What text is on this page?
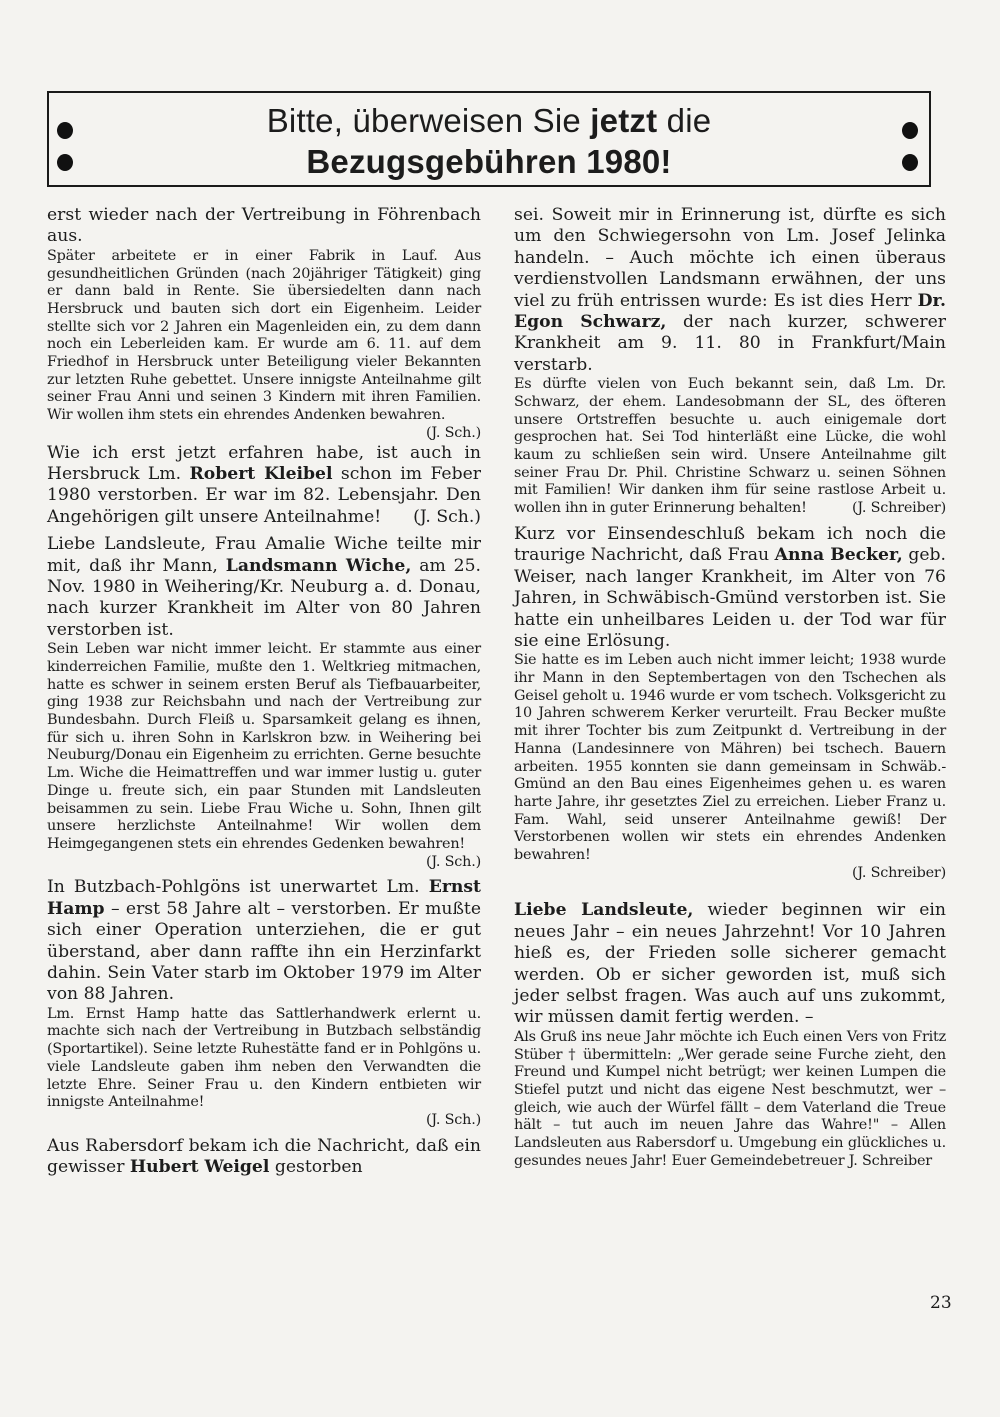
Bitte, überweisen Sie jetzt die
Bezugsgebühren 1980!

erst wieder nach der Vertreibung in Föhrenbach aus.

Später arbeitete er in einer Fabrik in Lauf. Aus gesundheitlichen Gründen (nach 20jähriger Tätigkeit) ging er dann bald in Rente. Sie übersiedelten dann nach Hersbruck und bauten sich dort ein Eigenheim. Leider stellte sich vor 2 Jahren ein Magenleiden ein, zu dem dann noch ein Leberleiden kam. Er wurde am 6. 11. auf dem Friedhof in Hersbruck unter Beteiligung vieler Bekannten zur letzten Ruhe gebettet. Unsere innigste Anteilnahme gilt seiner Frau Anni und seinen 3 Kindern mit ihren Familien. Wir wollen ihm stets ein ehrendes Andenken bewahren.
(J. Sch.)

Wie ich erst jetzt erfahren habe, ist auch in Hersbruck Lm. Robert Kleibel schon im Feber 1980 verstorben. Er war im 82. Lebensjahr. Den Angehörigen gilt unsere Anteilnahme! (J. Sch.)

Liebe Landsleute, Frau Amalie Wiche teilte mir mit, daß ihr Mann, Landsmann Wiche, am 25. Nov. 1980 in Weihering/Kr. Neuburg a. d. Donau, nach kurzer Krankheit im Alter von 80 Jahren verstorben ist.

Sein Leben war nicht immer leicht. Er stammte aus einer kinderreichen Familie, mußte den 1. Weltkrieg mitmachen, hatte es schwer in seinem ersten Beruf als Tiefbauarbeiter, ging 1938 zur Reichsbahn und nach der Vertreibung zur Bundesbahn. Durch Fleiß u. Sparsamkeit gelang es ihnen, für sich u. ihren Sohn in Karlskron bzw. in Weihering bei Neuburg/Donau ein Eigenheim zu errichten. Gerne besuchte Lm. Wiche die Heimattreffen und war immer lustig u. guter Dinge u. freute sich, ein paar Stunden mit Landsleuten beisammen zu sein. Liebe Frau Wiche u. Sohn, Ihnen gilt unsere herzlichste Anteilnahme! Wir wollen dem Heimgegangenen stets ein ehrendes Gedenken bewahren!

(J. Sch.)

In Butzbach-Pohlgöns ist unerwartet Lm. Ernst Hamp – erst 58 Jahre alt – verstorben. Er mußte sich einer Operation unterziehen, die er gut überstand, aber dann raffte ihn ein Herzinfarkt dahin. Sein Vater starb im Oktober 1979 im Alter von 88 Jahren.

Lm. Ernst Hamp hatte das Sattlerhandwerk erlernt u. machte sich nach der Vertreibung in Butzbach selbständig (Sportartikel). Seine letzte Ruhestätte fand er in Pohlgöns u. viele Landsleute gaben ihm neben den Verwandten die letzte Ehre. Seiner Frau u. den Kindern entbieten wir innigste Anteilnahme!

(J. Sch.)

Aus Rabersdorf bekam ich die Nachricht, daß ein gewisser Hubert Weigel gestorben

sei. Soweit mir in Erinnerung ist, dürfte es sich um den Schwiegersohn von Lm. Josef Jelinka handeln. – Auch möchte ich einen überaus verdienstvollen Landsmann erwähnen, der uns viel zu früh entrissen wurde: Es ist dies Herr Dr. Egon Schwarz, der nach kurzer, schwerer Krankheit am 9. 11. 80 in Frankfurt/Main verstarb.

Es dürfte vielen von Euch bekannt sein, daß Lm. Dr. Schwarz, der ehem. Landesobmann der SL, des öfteren unsere Ortstreffen besuchte u. auch einigemale dort gesprochen hat. Sei Tod hinterläßt eine Lücke, die wohl kaum zu schließen sein wird. Unsere Anteilnahme gilt seiner Frau Dr. Phil. Christine Schwarz u. seinen Söhnen mit Familien! Wir danken ihm für seine rastlose Arbeit u. wollen ihn in guter Erinnerung behalten!	(J. Schreiber)

Kurz vor Einsendeschluß bekam ich noch die traurige Nachricht, daß Frau Anna Becker, geb. Weiser, nach langer Krankheit, im Alter von 76 Jahren, in Schwäbisch-Gmünd verstorben ist. Sie hatte ein unheilbares Leiden u. der Tod war für sie eine Erlösung.

Sie hatte es im Leben auch nicht immer leicht; 1938 wurde ihr Mann in den Septembertagen von den Tschechen als Geisel geholt u. 1946 wurde er vom tschech. Volksgericht zu 10 Jahren schwerem Kerker verurteilt. Frau Becker mußte mit ihrer Tochter bis zum Zeitpunkt d. Vertreibung in der Hanna (Landesinnere von Mähren) bei tschech. Bauern arbeiten. 1955 konnten sie dann gemeinsam in Schwäb.-Gmünd an den Bau eines Eigenheimes gehen u. es waren harte Jahre, ihr gesetztes Ziel zu erreichen. Lieber Franz u. Fam. Wahl, seid unserer Anteilnahme gewiß! Der Verstorbenen wollen wir stets ein ehrendes Andenken bewahren!

(J. Schreiber)

Liebe Landsleute, wieder beginnen wir ein neues Jahr – ein neues Jahrzehnt! Vor 10 Jahren hieß es, der Frieden solle sicherer gemacht werden. Ob er sicher geworden ist, muß sich jeder selbst fragen. Was auch auf uns zukommt, wir müssen damit fertig werden. –

Als Gruß ins neue Jahr möchte ich Euch einen Vers von Fritz Stüber † übermitteln: „Wer gerade seine Furche zieht, den Freund und Kumpel nicht betrügt; wer keinen Lumpen die Stiefel putzt und nicht das eigene Nest beschmutzt, wer – gleich, wie auch der Würfel fällt – dem Vaterland die Treue hält – tut auch im neuen Jahre das Wahre!" – Allen Landsleuten aus Rabersdorf u. Umgebung ein glückliches u. gesundes neues Jahr! Euer Gemeindebetreuer J. Schreiber

23
